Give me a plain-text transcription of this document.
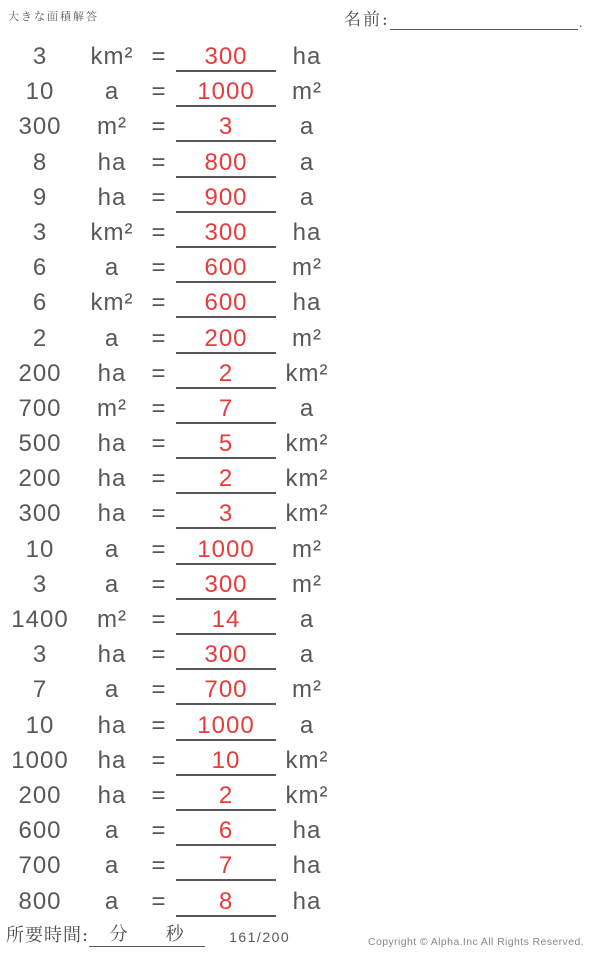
大きな面積解答	名前:	.
3	km² =	300	ha
10	a	=	1000	m²
300	m²	=	3	a
8	ha	=	800	a
9	ha	=	900	a
3	km² =	300	ha
6	a	=	600	m²
6	km² =	600	ha
2	a	=	200	m²
200	ha	=	2	km²
700	m²	=	7	a
500	ha	=	5	km²
200	ha	=	2	km²
300	ha	=	3	km²
10	a	=	1000	m²
3	a	=	300	m²
1400	m²	=	14	a
3	ha	=	300	a
7	a	=	700	m²
10	ha	=	1000	a
1000	ha	=	10	km²
200	ha	=	2	km²
600	a	=	6	ha
700	a	=	7	ha
800	a	=	8	ha
所要時間: 分 秒	161/200	Copyright © Alpha.Inc All Rights Reserved.
